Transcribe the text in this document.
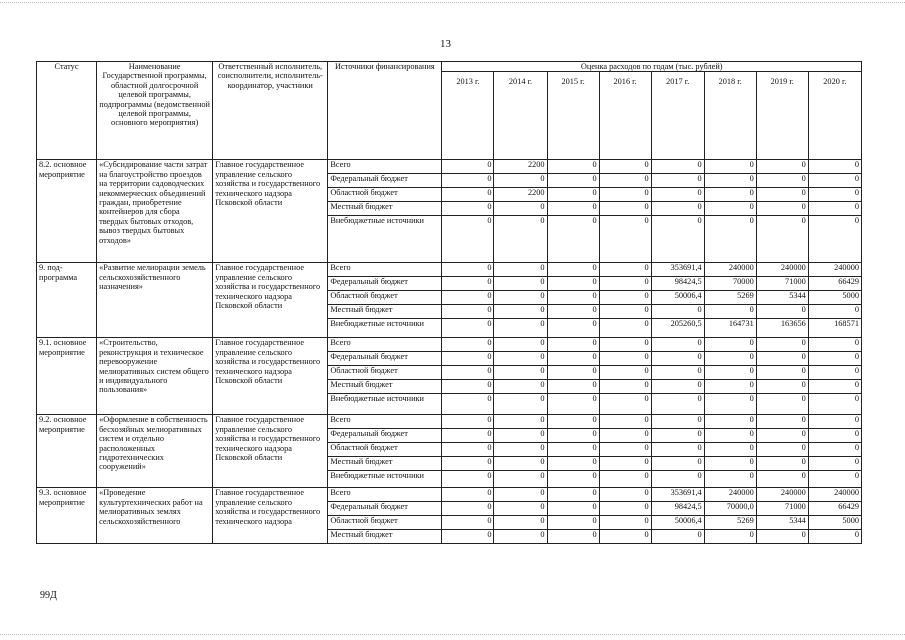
13
Статус	Наименование Государственной программы, областной долгосрочной целевой программы, подпрограммы (ведомственной целевой программы, основного мероприятия)	Ответственный исполнитель, соисполнители, исполнитель-координатор, участники	Источники финансирования	Оценка расходов по годам (тыс. рублей)							
				2013 г.	2014 г.	2015 г.	2016 г.	2017 г.	2018 г.	2019 г.	2020 г.
8.2. основное мероприятие	«Субсидирование части затрат на благоустройство проездов на территории садоводческих некоммерческих объединений граждан, приобретение контейнеров для сбора твердых бытовых отходов, вывоз твердых бытовых отходов»	Главное государственное управление сельского хозяйства и государственного технического надзора Псковской области	Всего	0	2200	0	0	0	0	0	0
			Федеральный бюджет	0	0	0	0	0	0	0	0
			Областной бюджет	0	2200	0	0	0	0	0	0
			Местный бюджет	0	0	0	0	0	0	0	0
			Внебюджетные источники	0	0	0	0	0	0	0	0
9. под-программа	«Развитие мелиорации земель сельскохозяйственного назначения»	Главное государственное управление сельского хозяйства и государственного технического надзора Псковской области	Всего	0	0	0	0	353691,4	240000	240000	240000
			Федеральный бюджет	0	0	0	0	98424,5	70000	71000	66429
			Областной бюджет	0	0	0	0	50006,4	5269	5344	5000
			Местный бюджет	0	0	0	0	0	0	0	0
			Внебюджетные источники	0	0	0	0	205260,5	164731	163656	168571
9.1. основное мероприятие	«Строительство, реконструкция и техническое перевооружение мелиоративных систем общего и индивидуального пользования»	Главное государственное управление сельского хозяйства и государственного технического надзора Псковской области	Всего	0	0	0	0	0	0	0	0
			Федеральный бюджет	0	0	0	0	0	0	0	0
			Областной бюджет	0	0	0	0	0	0	0	0
			Местный бюджет	0	0	0	0	0	0	0	0
			Внебюджетные источники	0	0	0	0	0	0	0	0
9.2. основное мероприятие	«Оформление в собственность бесхозяйных мелиоративных систем и отдельно расположенных гидротехнических сооружений»	Главное государственное управление сельского хозяйства и государственного технического надзора Псковской области	Всего	0	0	0	0	0	0	0	0
			Федеральный бюджет	0	0	0	0	0	0	0	0
			Областной бюджет	0	0	0	0	0	0	0	0
			Местный бюджет	0	0	0	0	0	0	0	0
			Внебюджетные источники	0	0	0	0	0	0	0	0
9.3. основное мероприятие	«Проведение культуртехнических работ на мелиоративных землях сельскохозяйственного	Главное государственное управление сельского хозяйства и государственного технического надзора	Всего	0	0	0	0	353691,4	240000	240000	240000
			Федеральный бюджет	0	0	0	0	98424,5	70000,0	71000	66429
			Областной бюджет	0	0	0	0	50006,4	5269	5344	5000
			Местный бюджет	0	0	0	0	0	0	0	0
99Д
